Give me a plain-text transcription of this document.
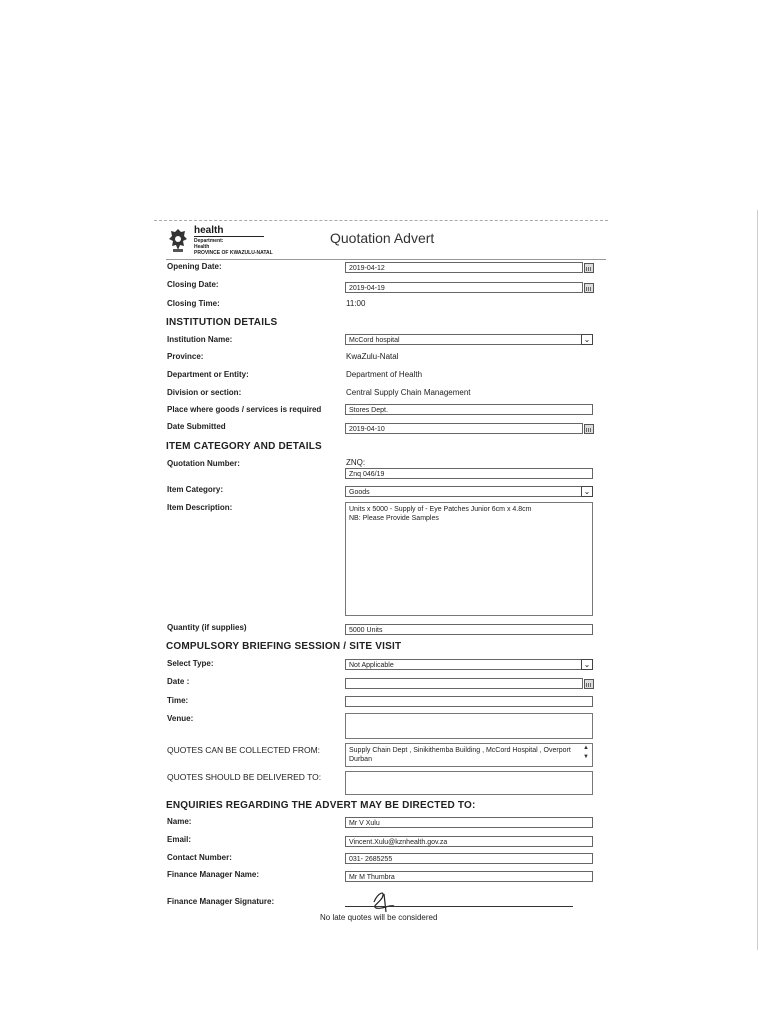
health
Department:
Health
PROVINCE OF KWAZULU-NATAL
Quotation Advert
Opening Date:	2019-04-12
Closing Date:	2019-04-19
Closing Time:	11:00
INSTITUTION DETAILS
Institution Name:	McCord hospital	⌄
Province:	KwaZulu-Natal
Department or Entity:	Department of Health
Division or section:	Central Supply Chain Management
Place where goods / services is required	Stores Dept.
Date Submitted	2019-04-10
ITEM CATEGORY AND DETAILS
Quotation Number:	ZNQ:
Znq 046/19
Item Category:	Goods	⌄
Item Description:	Units x 5000 - Supply of - Eye Patches Junior 6cm x 4.8cm
NB: Please Provide Samples
Quantity (if supplies)	5000 Units
COMPULSORY BRIEFING SESSION / SITE VISIT
Select Type:	Not Applicable	⌄
Date :
Time:
Venue:
QUOTES CAN BE COLLECTED FROM:	Supply Chain Dept , Sinikithemba Building , McCord Hospital , Overport
Durban
▲
▼
QUOTES SHOULD BE DELIVERED TO:
ENQUIRIES REGARDING THE ADVERT MAY BE DIRECTED TO:
Name:	Mr V Xulu
Email:	Vincent.Xulu@kznhealth.gov.za
Contact Number:	031- 2685255
Finance Manager Name:	Mr M Thumbra
Finance Manager Signature:
No late quotes will be considered
